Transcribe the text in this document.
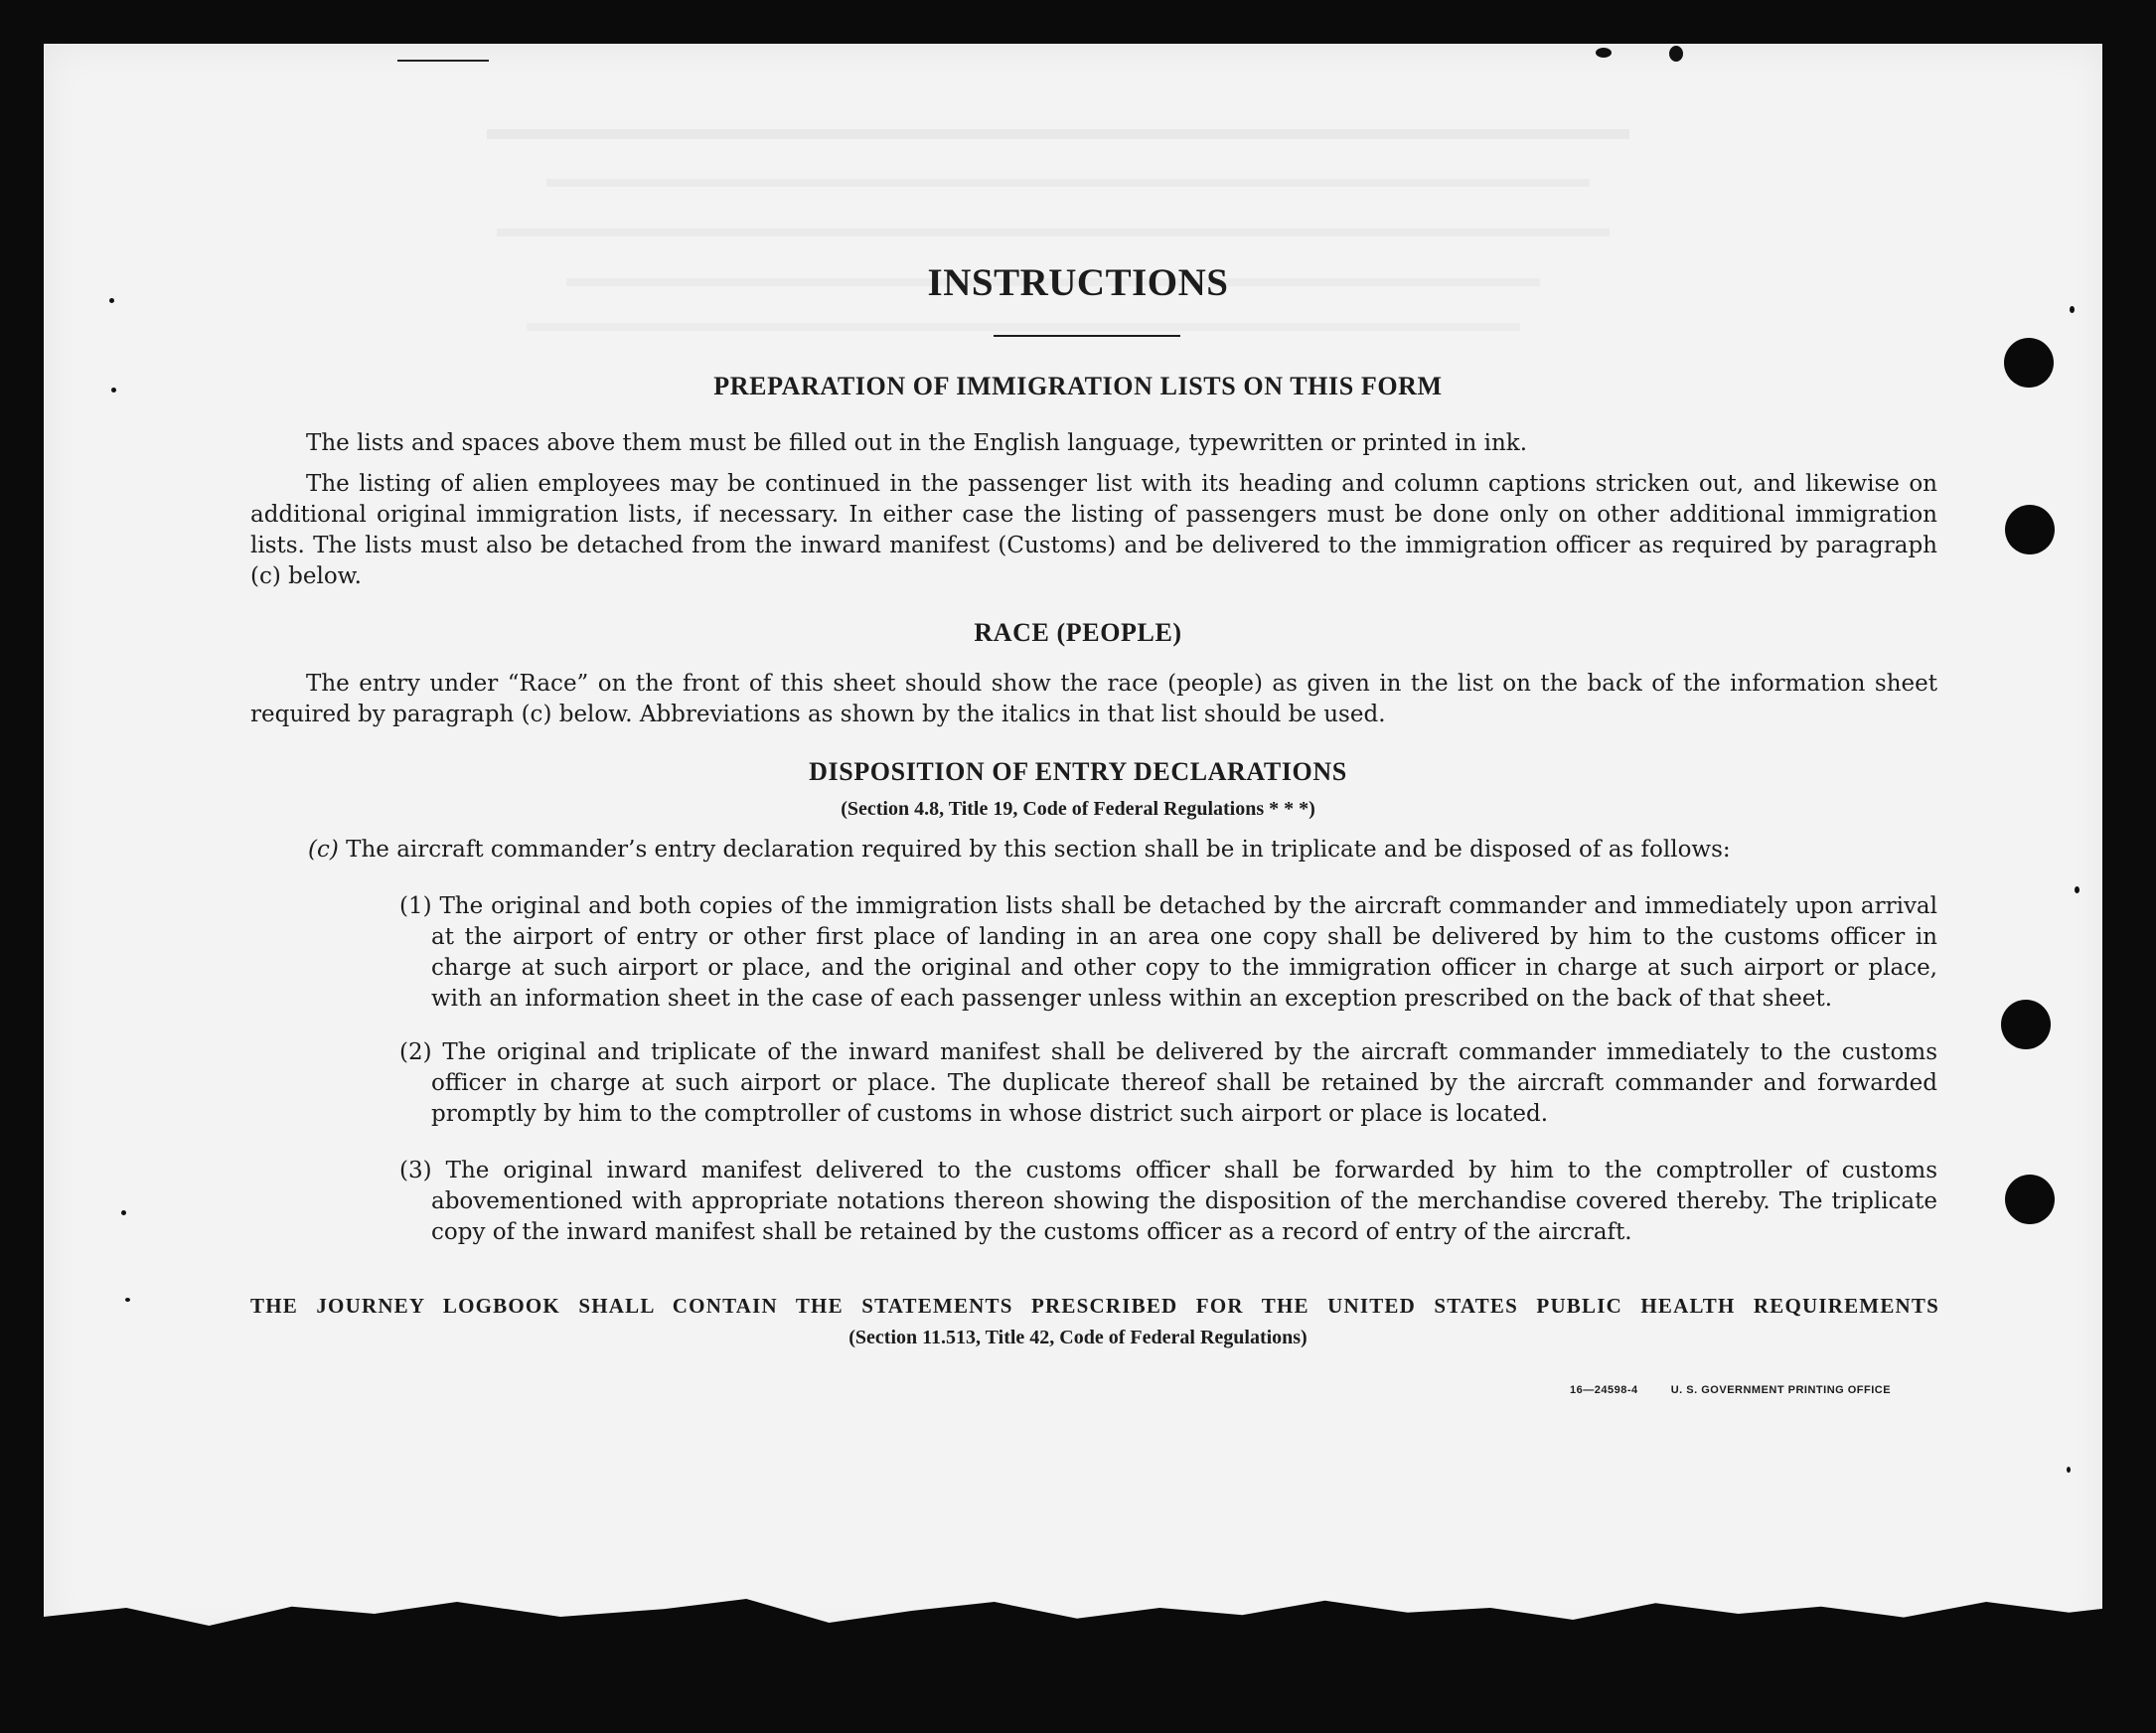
INSTRUCTIONS

PREPARATION OF IMMIGRATION LISTS ON THIS FORM

The lists and spaces above them must be filled out in the English language, typewritten or printed in ink.

The listing of alien employees may be continued in the passenger list with its heading and column captions stricken out, and likewise on additional original immigration lists, if necessary. In either case the listing of passengers must be done only on other additional immigration lists. The lists must also be detached from the inward manifest (Customs) and be delivered to the immigration officer as required by paragraph (c) below.

RACE (PEOPLE)

The entry under “Race” on the front of this sheet should show the race (people) as given in the list on the back of the information sheet required by paragraph (c) below. Abbreviations as shown by the italics in that list should be used.

DISPOSITION OF ENTRY DECLARATIONS

(Section 4.8, Title 19, Code of Federal Regulations * * *)

(c) The aircraft commander’s entry declaration required by this section shall be in triplicate and be disposed of as follows:

(1) The original and both copies of the immigration lists shall be detached by the aircraft commander and immediately upon arrival at the airport of entry or other first place of landing in an area one copy shall be delivered by him to the customs officer in charge at such airport or place, and the original and other copy to the immigration officer in charge at such airport or place, with an information sheet in the case of each passenger unless within an exception prescribed on the back of that sheet.
(2) The original and triplicate of the inward manifest shall be delivered by the aircraft commander immediately to the customs officer in charge at such airport or place. The duplicate thereof shall be retained by the aircraft commander and forwarded promptly by him to the comptroller of customs in whose district such airport or place is located.
(3) The original inward manifest delivered to the customs officer shall be forwarded by him to the comptroller of customs abovementioned with appropriate notations thereon showing the disposition of the merchandise covered thereby. The triplicate copy of the inward manifest shall be retained by the customs officer as a record of entry of the aircraft.

THE JOURNEY LOGBOOK SHALL CONTAIN THE STATEMENTS PRESCRIBED FOR THE UNITED STATES PUBLIC HEALTH REQUIREMENTS

(Section 11.513, Title 42, Code of Federal Regulations)

16—24598-4	U. S. GOVERNMENT PRINTING OFFICE
